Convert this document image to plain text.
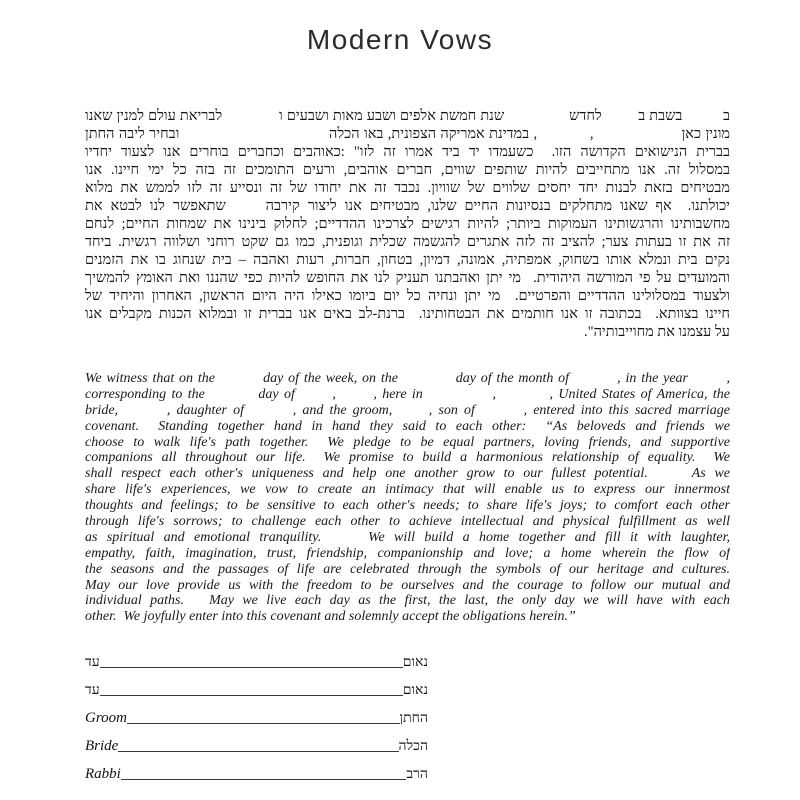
Modern Vows
ב          בשבת ב         לחדש                שנת חמשת אלפים ושבע מאות ושבעים ו              לבריאת עולם למנין שאנו
מונין כאן                    ,            , במדינת אמריקה הצפונית, באו הכלה                                  ובחיר ליבה החתן
בברית הנישואים הקדושה הזו.  כשעמדו יד ביד אמרו זה לזו" :כאוהבים וכחברים בוחרים אנו לצעוד יחדיו
במסלול זה. אנו מתחייבים להיות שותפים שווים, חברים אוהבים, ורעים התומכים זה בזה כל ימי חיינו. אנו
מבטיחים בזאת לבנות יחד יחסים שלווים של שוויון. נכבד זה את יחודו של זה ונסייע זה לזו לממש את מלוא
יכולתנו.  אף שאנו מתחלקים בנסיונות החיים שלנו, מבטיחים אנו ליצור קירבה     שתאפשר לנו לבטא את
מחשבותינו והרגשותינו העמוקות ביותר; להיות רגישים לצרכינו ההדדיים; לחלוק בינינו את שמחות החיים; לנחם
זה את זו בעתות צער; להציב זה לזה אתגרים להגשמה שכלית וגופנית, כמו גם שקט רוחני ושלווה רגשית. ביחד
נקים בית ונמלא אותו בשחוק, אמפתיה, אמונה, דמיון, בטחון, חברות, רעות ואהבה – בית שנחוג בו את הזמנים
והמועדים על פי המורשה היהודית.  מי יתן ואהבתנו תעניק לנו את החופש להיות כפי שהננו ואת האומץ להמשיך
ולצעוד במסלולינו ההדדיים והפרטיים.  מי יתן ונחיה כל יום ביומו כאילו היה היום הראשון, האחרון והיחיד של
חיינו בצוותא.  בכתובה זו אנו חותמים את הבטחותינו.  ברנת-לב באים אנו בברית זו ובמלוא הכנות מקבלים אנו
על עצמנו את מחוייבותיה".
We witness that on the          day of the week, on the            day of the month of          , in the year        ,
corresponding to the          day of       ,       , here in             ,          , United States of America, the
bride,        , daughter of        , and the groom,      , son of        , entered into this sacred marriage
covenant.  Standing together hand in hand they said to each other:  “As beloveds and friends we
choose to walk life's path together.  We pledge to be equal partners, loving friends, and supportive
companions all throughout our life.  We promise to build a harmonious relationship of equality.  We
shall respect each other's uniqueness and help one another grow to our fullest potential.     As we
share life's experiences, we vow to create an intimacy that will enable us to express our innermost
thoughts and feelings; to be sensitive to each other's needs; to share life's joys; to comfort each other
through life's sorrows; to challenge each other to achieve intellectual and physical fulfillment as well
as spiritual and emotional tranquility.     We will build a home together and fill it with laughter,
empathy, faith, imagination, trust, friendship, companionship and love; a home wherein the flow of
the seasons and the passages of life are celebrated through the symbols of our heritage and cultures.
May our love provide us with the freedom to be ourselves and the courage to follow our mutual and
individual paths.   May we live each day as the first, the last, the only day we will have with each
other.  We joyfully enter into this covenant and solemnly accept the obligations herein.”
עד	נאום
עד	נאום
Groom	החתן
Bride	הכלה
Rabbi	הרב
